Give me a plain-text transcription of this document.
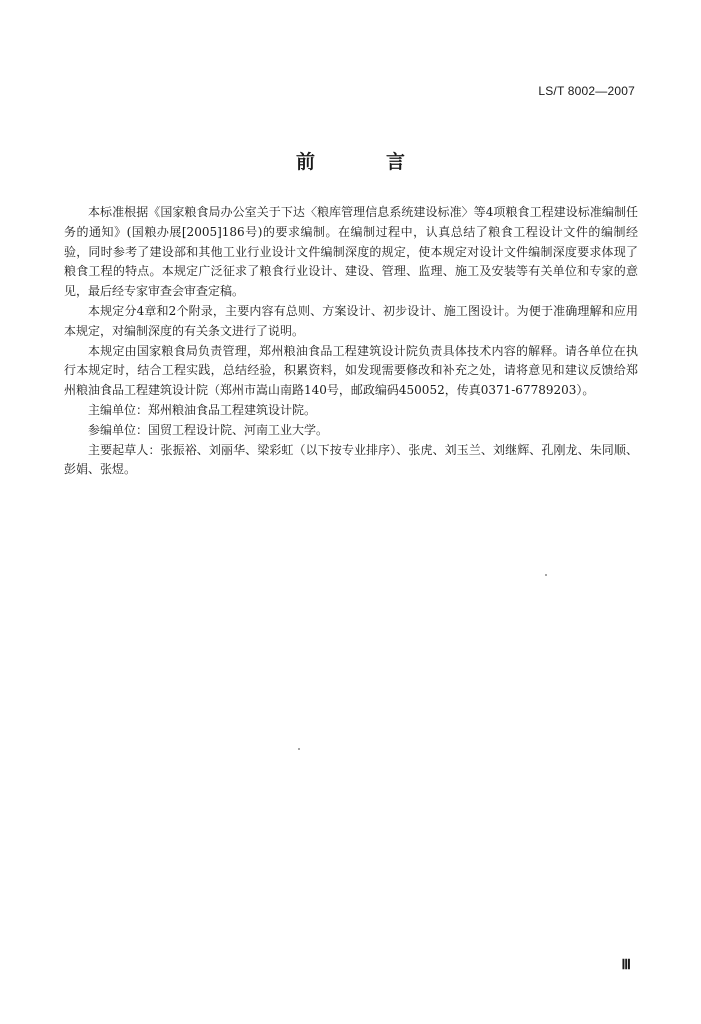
LS/T 8002—2007
前　言

本标准根据《国家粮食局办公室关于下达〈粮库管理信息系统建设标准〉等4项粮食工程建设标准编制任务的通知》(国粮办展[2005]186号)的要求编制。在编制过程中，认真总结了粮食工程设计文件的编制经验，同时参考了建设部和其他工业行业设计文件编制深度的规定，使本规定对设计文件编制深度要求体现了粮食工程的特点。本规定广泛征求了粮食行业设计、建设、管理、监理、施工及安装等有关单位和专家的意见，最后经专家审查会审查定稿。

本规定分4章和2个附录，主要内容有总则、方案设计、初步设计、施工图设计。为便于准确理解和应用本规定，对编制深度的有关条文进行了说明。

本规定由国家粮食局负责管理，郑州粮油食品工程建筑设计院负责具体技术内容的解释。请各单位在执行本规定时，结合工程实践，总结经验，积累资料，如发现需要修改和补充之处，请将意见和建议反馈给郑州粮油食品工程建筑设计院（郑州市嵩山南路140号，邮政编码450052，传真0371-67789203）。

主编单位：郑州粮油食品工程建筑设计院。

参编单位：国贸工程设计院、河南工业大学。

主要起草人：张振裕、刘丽华、梁彩虹（以下按专业排序）、张虎、刘玉兰、刘继辉、孔刚龙、朱同顺、彭娟、张煜。

Ⅲ
